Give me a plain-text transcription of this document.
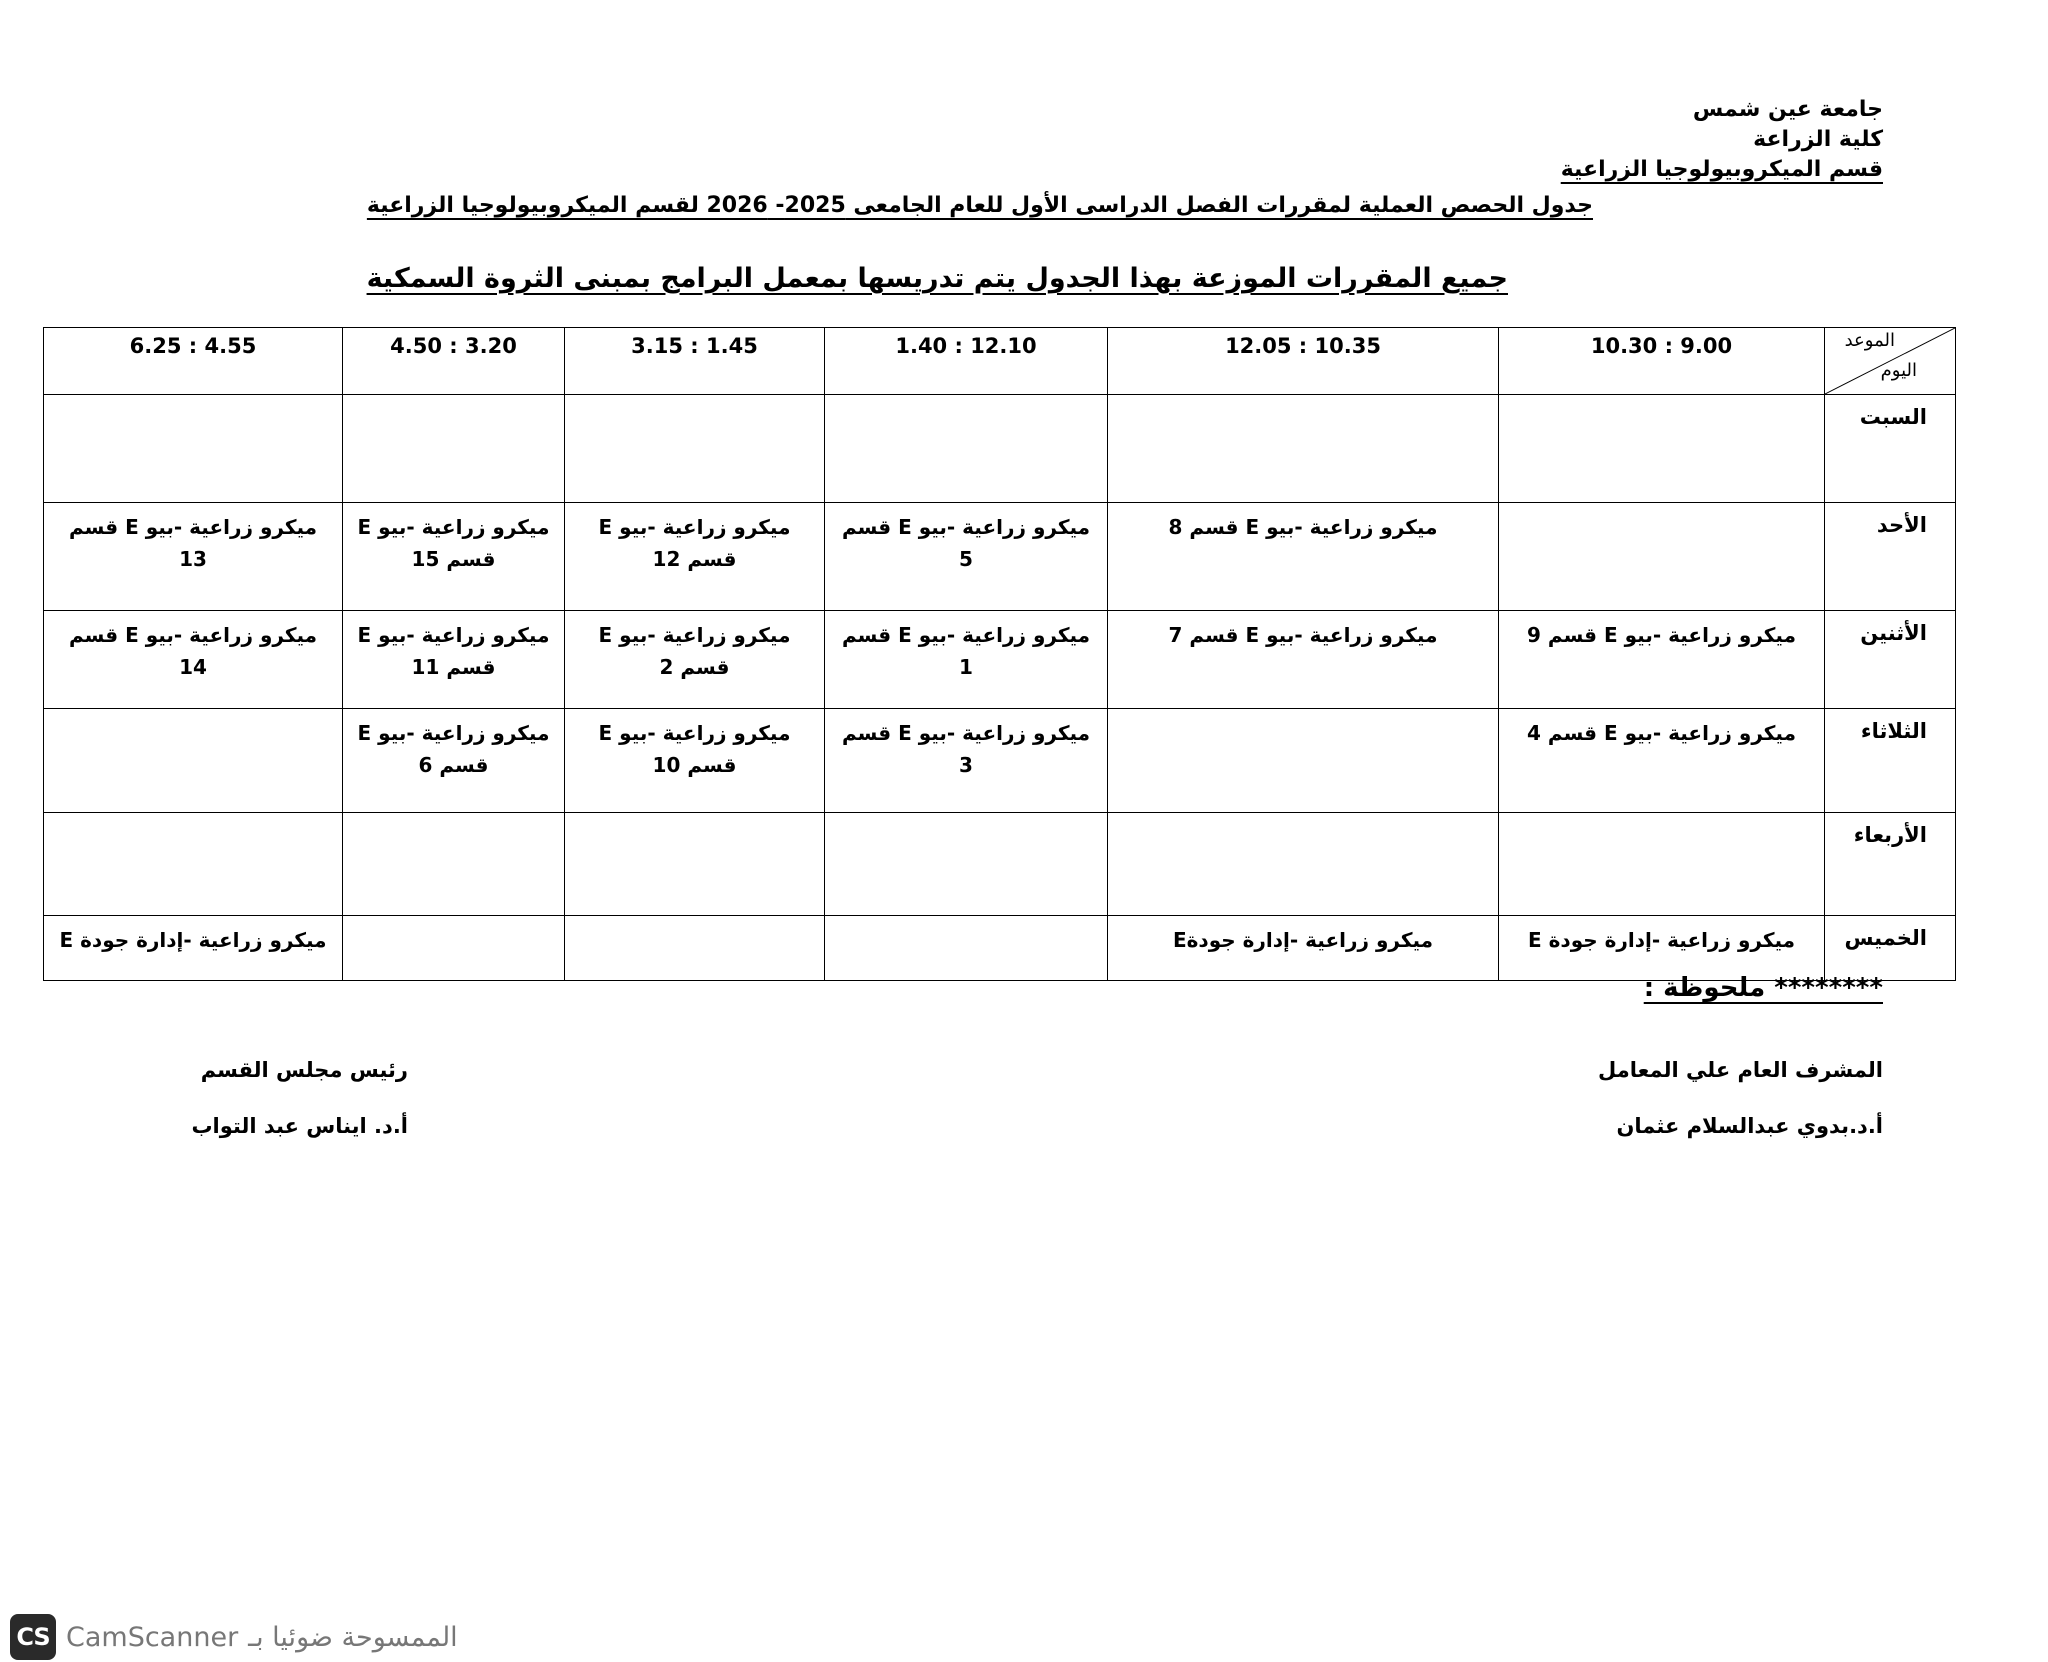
جامعة عين شمس
كلية الزراعة
قسم الميكروبيولوجيا الزراعية
جدول الحصص العملية لمقررات الفصل الدراسى الأول للعام الجامعى 2025- 2026 لقسم الميكروبيولوجيا الزراعية
جميع المقررات الموزعة بهذا الجدول يتم تدريسها بمعمل البرامج بمبنى الثروة السمكية
الموعد
اليوم	10.30 : 9.00	12.05 : 10.35	1.40 : 12.10	3.15 : 1.45	4.50 : 3.20	6.25 : 4.55
السبت	

الأحد		ميكرو زراعية -بيو E قسم 8	ميكرو زراعية -بيو E قسم 5	ميكرو زراعية -بيو E قسم 12	ميكرو زراعية -بيو E قسم 15	ميكرو زراعية -بيو E قسم 13

الأثنين	ميكرو زراعية -بيو E قسم 9	ميكرو زراعية -بيو E قسم 7	ميكرو زراعية -بيو E قسم 1	ميكرو زراعية -بيو E قسم 2	ميكرو زراعية -بيو E قسم 11	ميكرو زراعية -بيو E قسم 14

الثلاثاء	ميكرو زراعية -بيو E قسم 4		ميكرو زراعية -بيو E قسم 3	ميكرو زراعية -بيو E قسم 10	ميكرو زراعية -بيو E قسم 6	

الأربعاء	

الخميس	ميكرو زراعية -إدارة جودة E	ميكرو زراعية -إدارة جودةE				ميكرو زراعية -إدارة جودة E
******** ملحوظة :
المشرف العام علي المعامل
أ.د.بدوي عبدالسلام عثمان
رئيس مجلس القسم
أ.د. ايناس عبد التواب
CS CamScanner الممسوحة ضوئيا بـ
